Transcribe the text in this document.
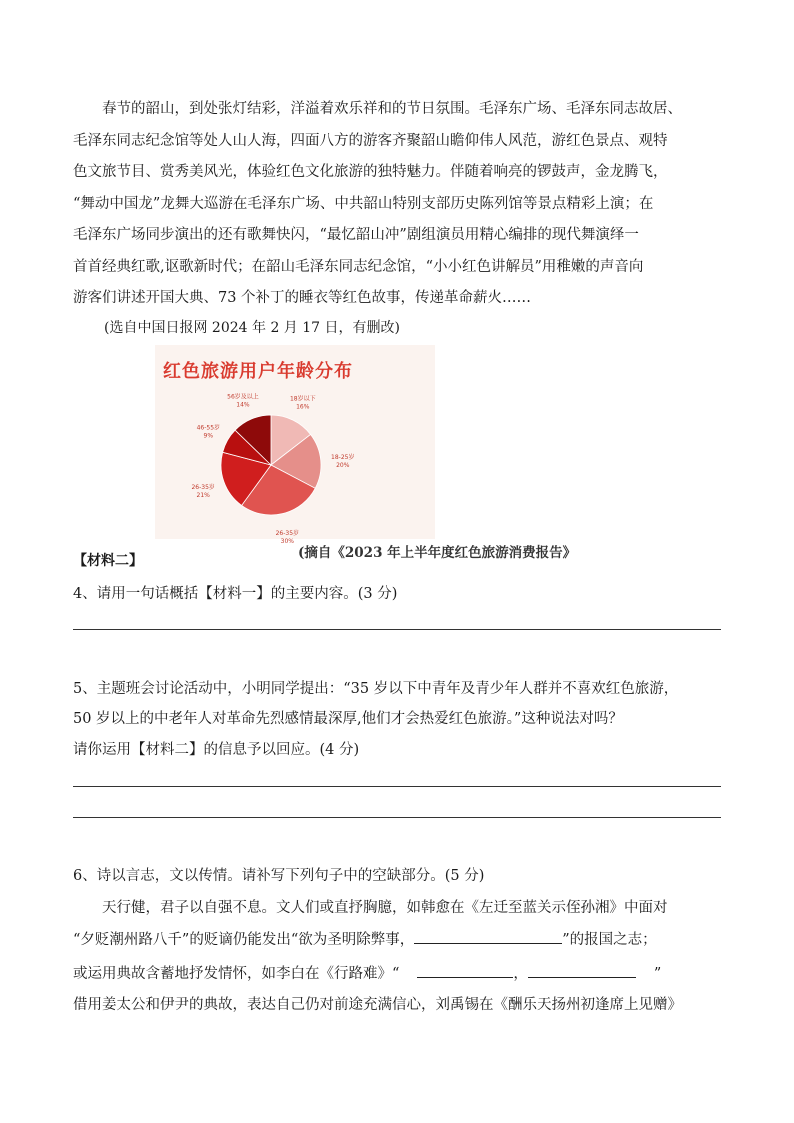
春节的韶山，到处张灯结彩，洋溢着欢乐祥和的节日氛围。毛泽东广场、毛泽东同志故居、
毛泽东同志纪念馆等处人山人海，四面八方的游客齐聚韶山瞻仰伟人风范，游红色景点、观特
色文旅节目、赏秀美风光，体验红色文化旅游的独特魅力。伴随着响亮的锣鼓声，金龙腾飞，
“舞动中国龙”龙舞大巡游在毛泽东广场、中共韶山特别支部历史陈列馆等景点精彩上演；在
毛泽东广场同步演出的还有歌舞快闪，“最忆韶山冲”剧组演员用精心编排的现代舞演绎一
首首经典红歌,讴歌新时代；在韶山毛泽东同志纪念馆，“小小红色讲解员”用稚嫩的声音向
游客们讲述开国大典、73 个补丁的睡衣等红色故事，传递革命薪火……

(选自中国日报网 2024 年 2 月 17 日，有删改)
红色旅游用户年龄分布
18岁以下
16%
18-25岁
20%
26-35岁
30%
26-35岁
21%
46-55岁
9%
56岁及以上
14%
【材料二】	(摘自《2023 年上半年度红色旅游消费报告》
4、请用一句话概括【材料一】的主要内容。(3 分)
5、主题班会讨论活动中，小明同学提出：“35 岁以下中青年及青少年人群并不喜欢红色旅游，
50 岁以上的中老年人对革命先烈感情最深厚,他们才会热爱红色旅游。”这种说法对吗？
请你运用【材料二】的信息予以回应。(4 分)
6、诗以言志，文以传情。请补写下列句子中的空缺部分。(5 分)
天行健，君子以自强不息。文人们或直抒胸臆，如韩愈在《左迁至蓝关示侄孙湘》中面对
“夕贬潮州路八千”的贬谪仍能发出“欲为圣明除弊事，	”的报国之志；
或运用典故含蓄地抒发情怀，如李白在《行路难》“	，	”
借用姜太公和伊尹的典故，表达自己仍对前途充满信心，刘禹锡在《酬乐天扬州初逢席上见赠》
